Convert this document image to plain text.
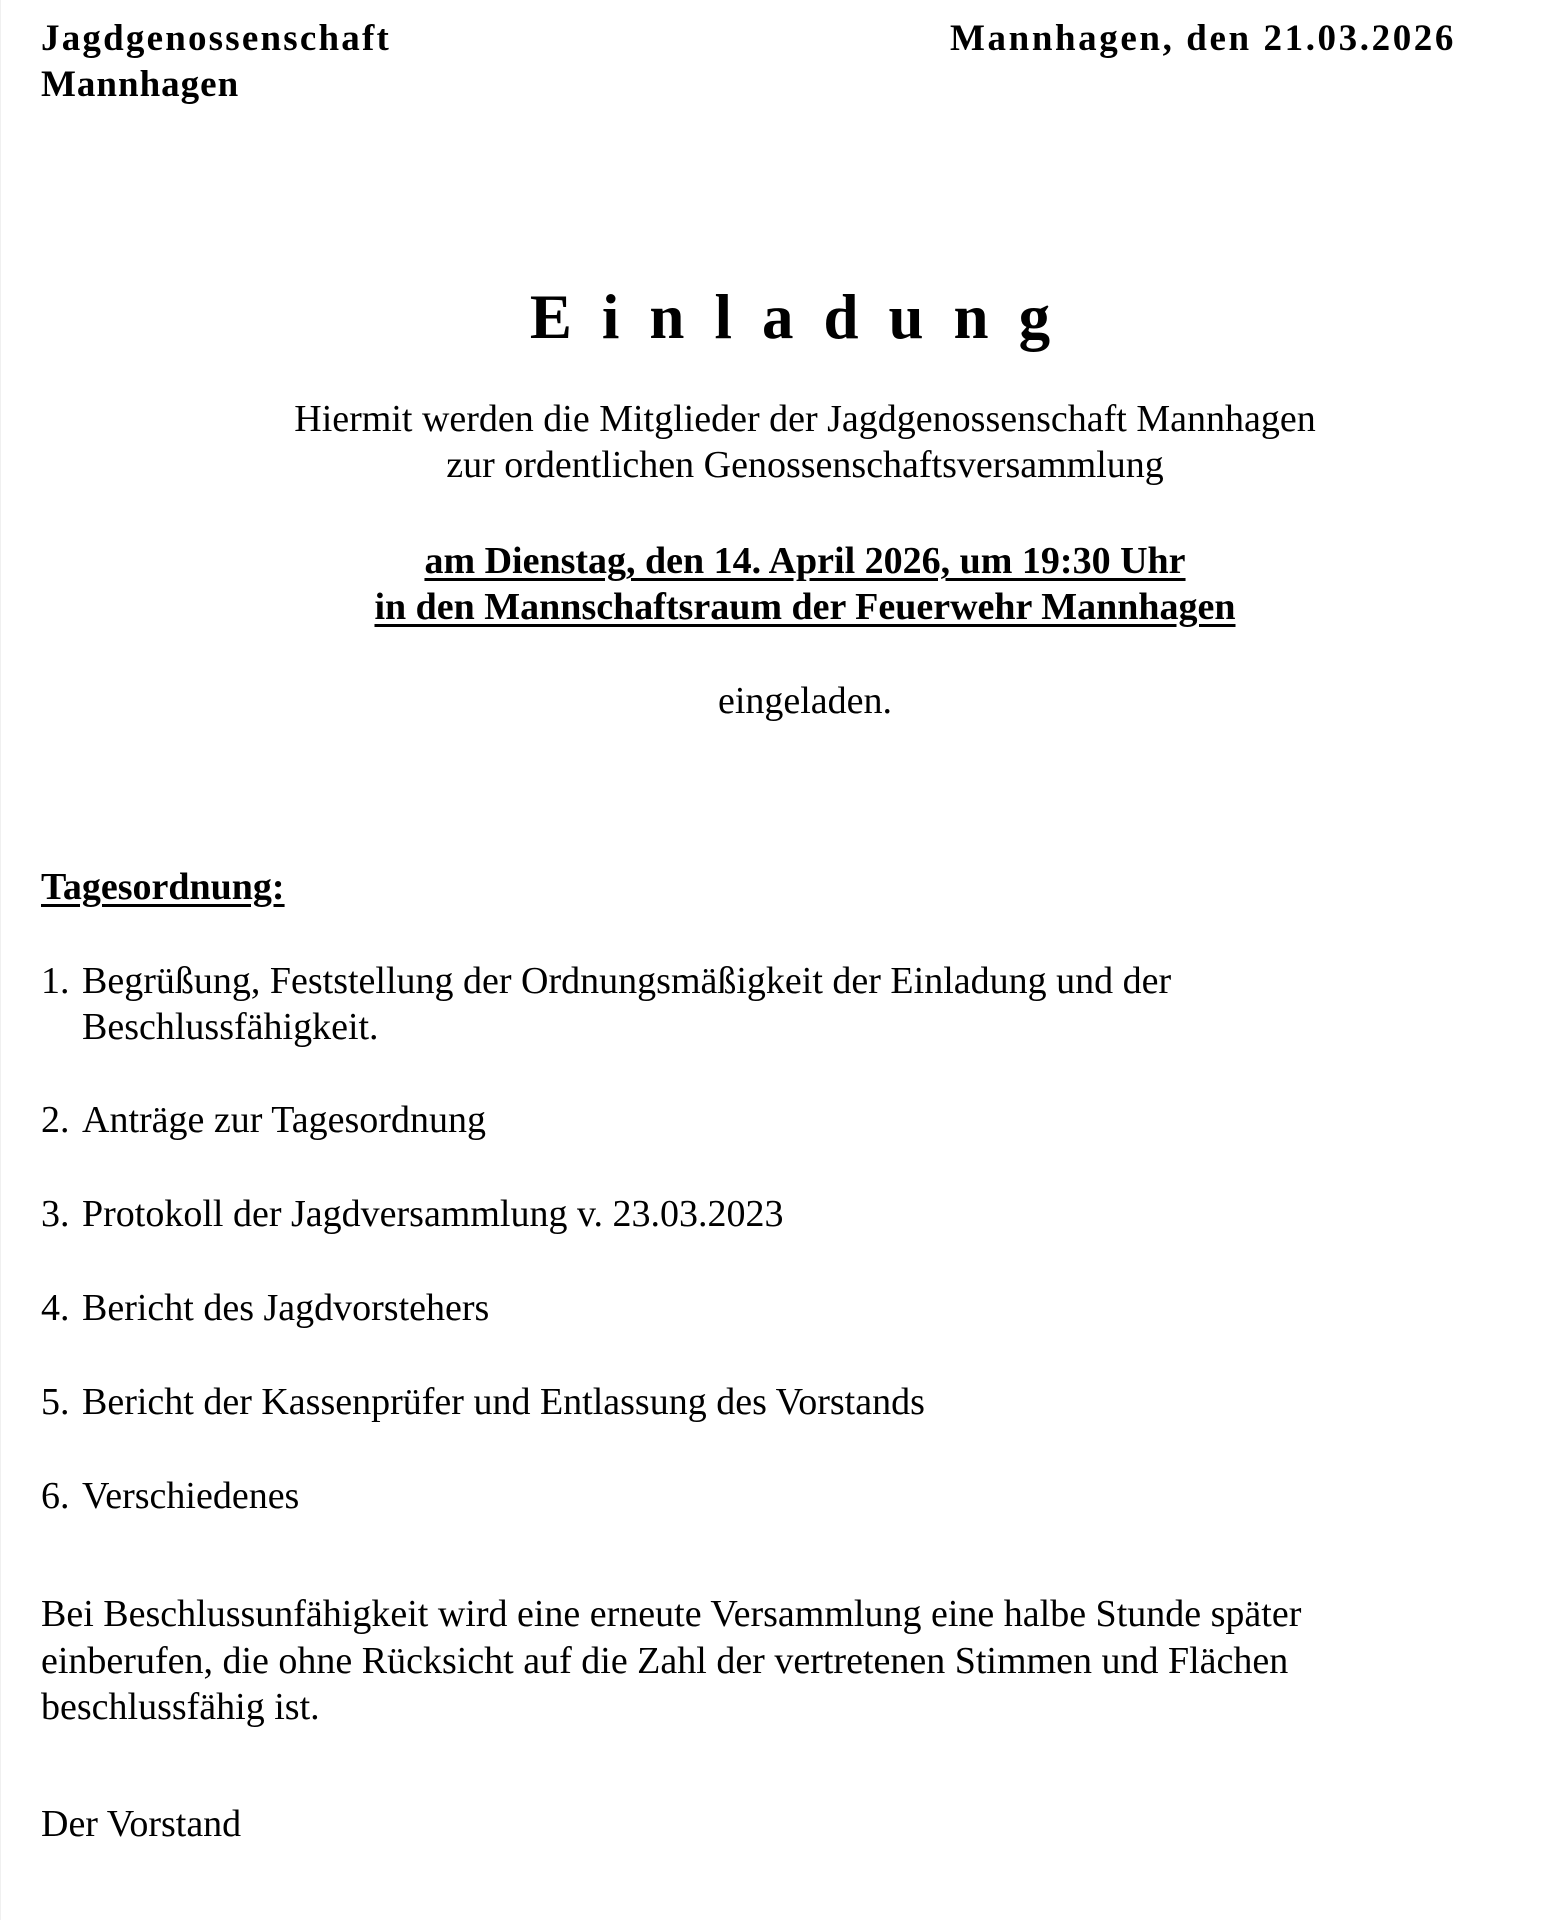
Jagdgenossenschaft
Mannhagen
Mannhagen, den 21.03.2026
Einladung
Hiermit werden die Mitglieder der Jagdgenossenschaft Mannhagen
zur ordentlichen Genossenschaftsversammlung
am Dienstag, den 14. April 2026, um 19:30 Uhr
in den Mannschaftsraum der Feuerwehr Mannhagen
eingeladen.
Tagesordnung:
1. Begrüßung, Feststellung der Ordnungsmäßigkeit der Einladung und der
Beschlussfähigkeit.
2. Anträge zur Tagesordnung
3. Protokoll der Jagdversammlung v. 23.03.2023
4. Bericht des Jagdvorstehers
5. Bericht der Kassenprüfer und Entlassung des Vorstands
6. Verschiedenes
Bei Beschlussunfähigkeit wird eine erneute Versammlung eine halbe Stunde später
einberufen, die ohne Rücksicht auf die Zahl der vertretenen Stimmen und Flächen
beschlussfähig ist.
Der Vorstand
